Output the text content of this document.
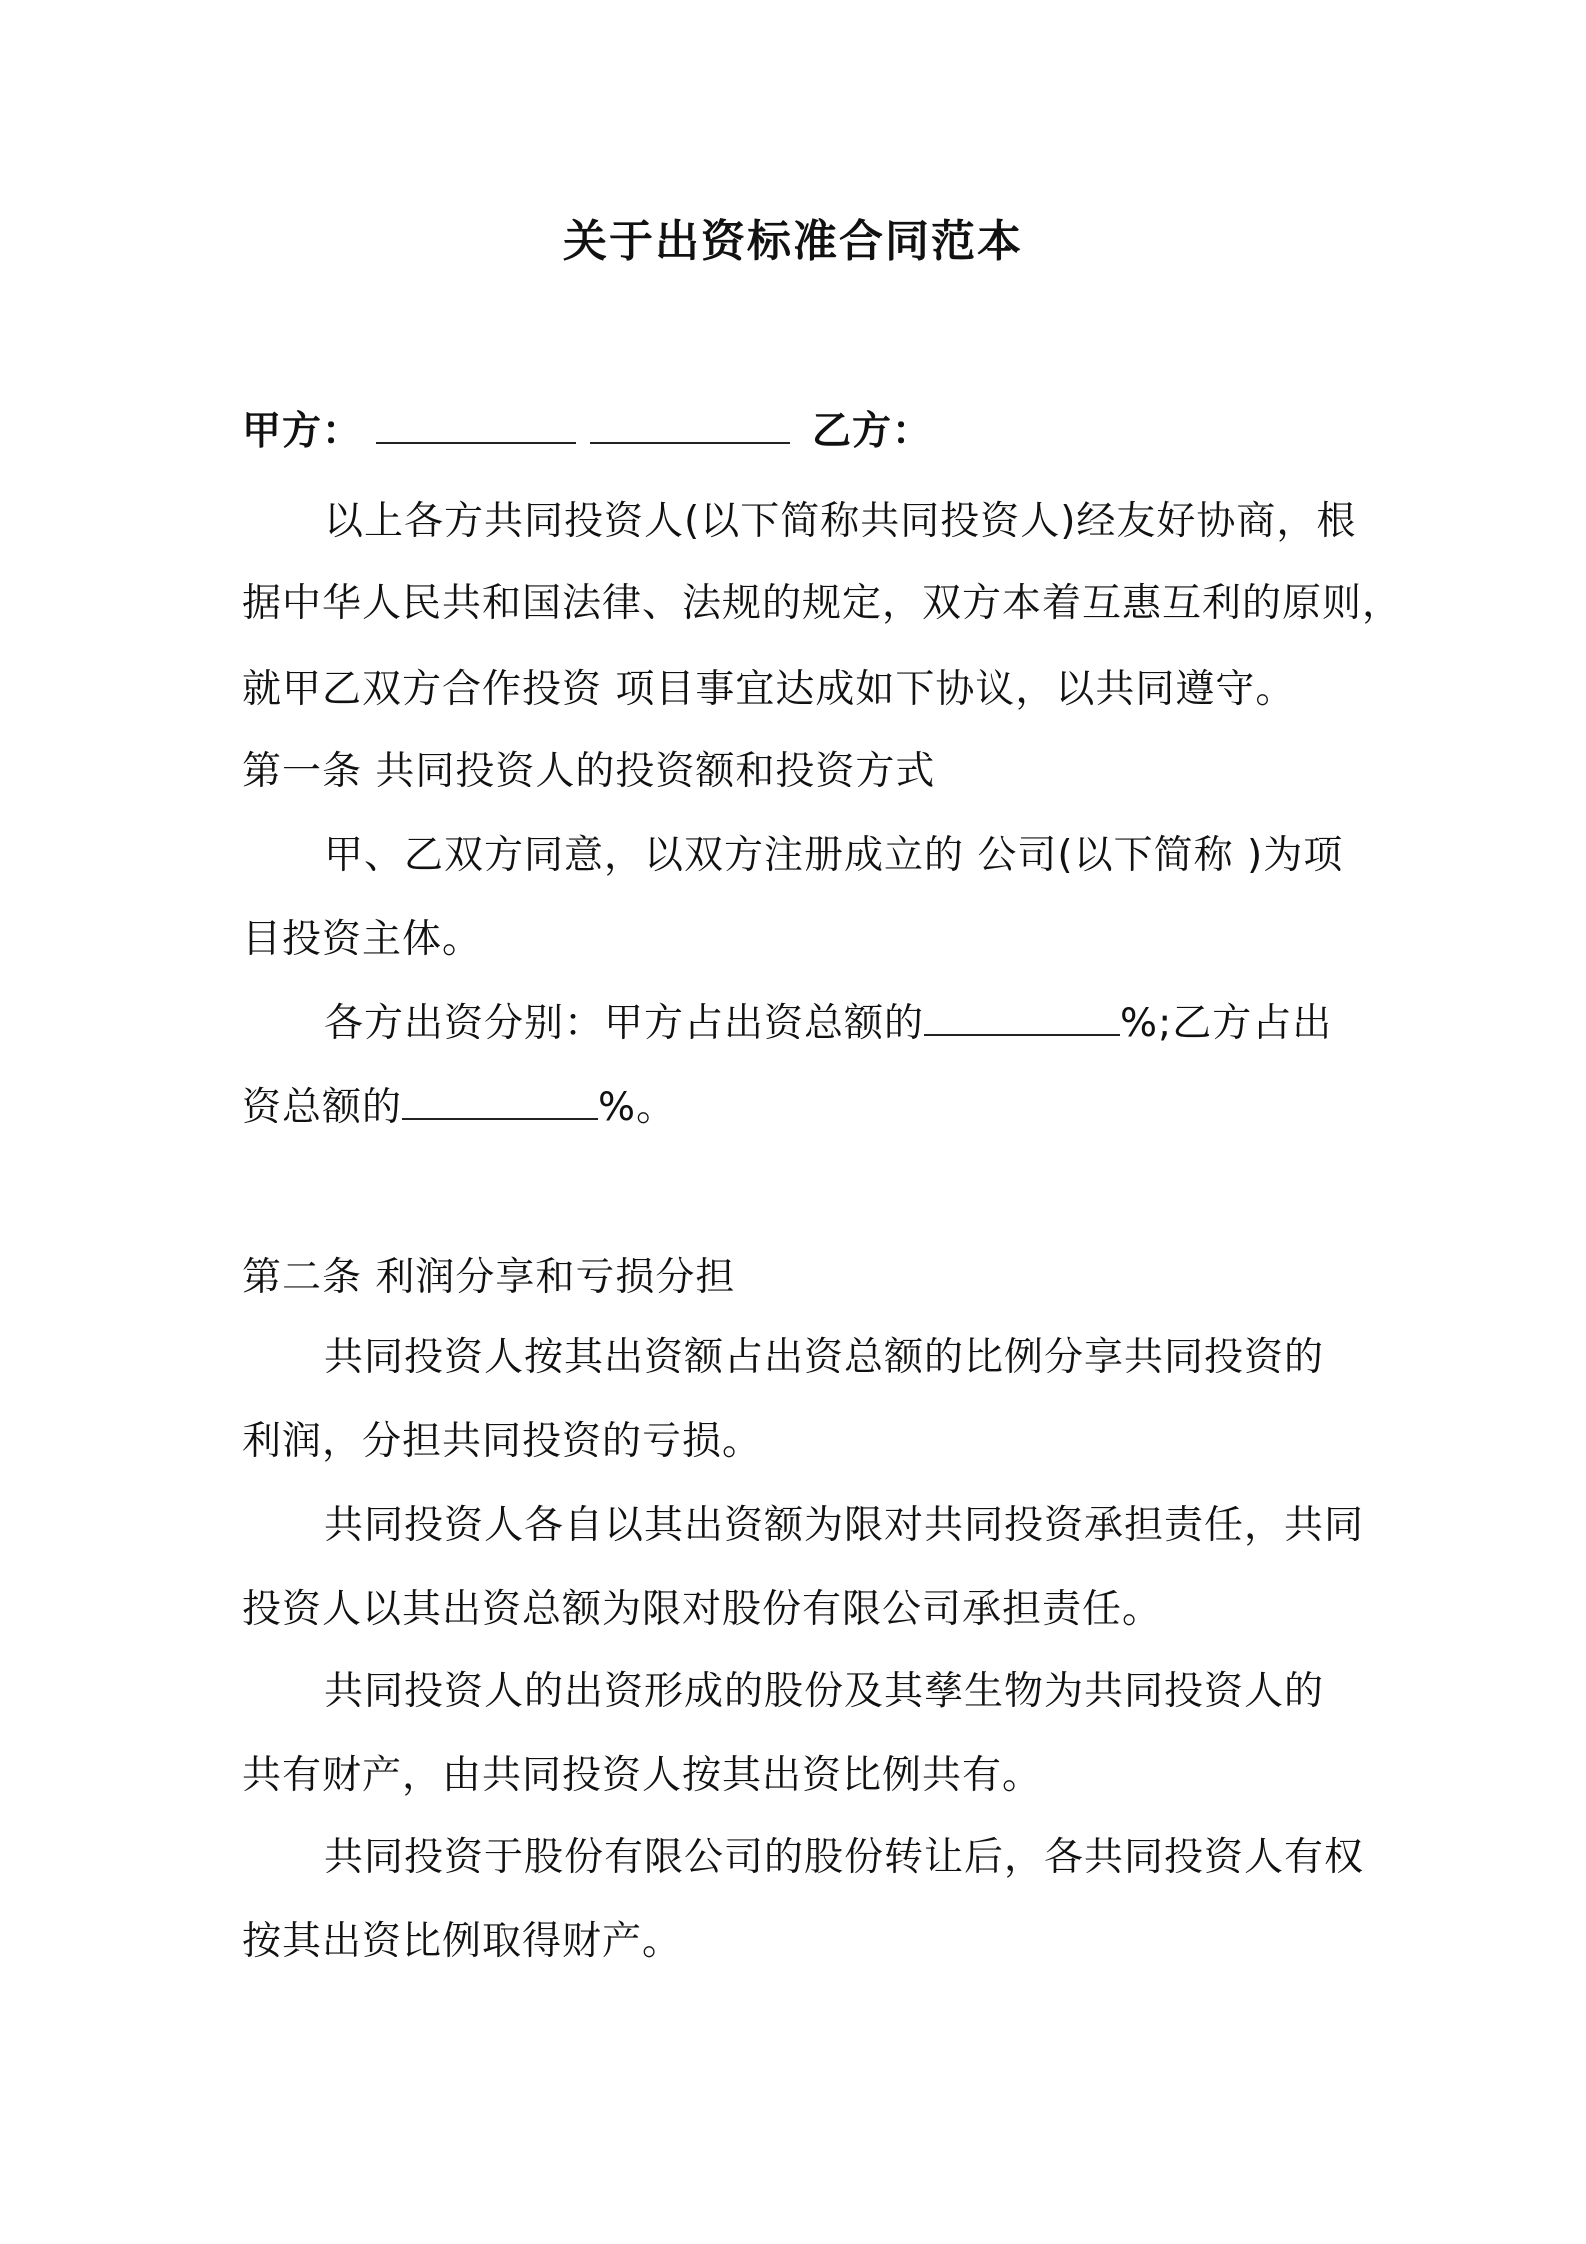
关于出资标准合同范本
甲方：	乙方：
以上各方共同投资人(以下简称共同投资人)经友好协商，根
据中华人民共和国法律、法规的规定，双方本着互惠互利的原则，
就甲乙双方合作投资 项目事宜达成如下协议，以共同遵守。
第一条 共同投资人的投资额和投资方式
甲、乙双方同意，以双方注册成立的 公司(以下简称 )为项
目投资主体。
各方出资分别：甲方占出资总额的	%;乙方占出
资总额的	%。
第二条 利润分享和亏损分担
共同投资人按其出资额占出资总额的比例分享共同投资的
利润，分担共同投资的亏损。
共同投资人各自以其出资额为限对共同投资承担责任，共同
投资人以其出资总额为限对股份有限公司承担责任。
共同投资人的出资形成的股份及其孳生物为共同投资人的
共有财产，由共同投资人按其出资比例共有。
共同投资于股份有限公司的股份转让后，各共同投资人有权
按其出资比例取得财产。
